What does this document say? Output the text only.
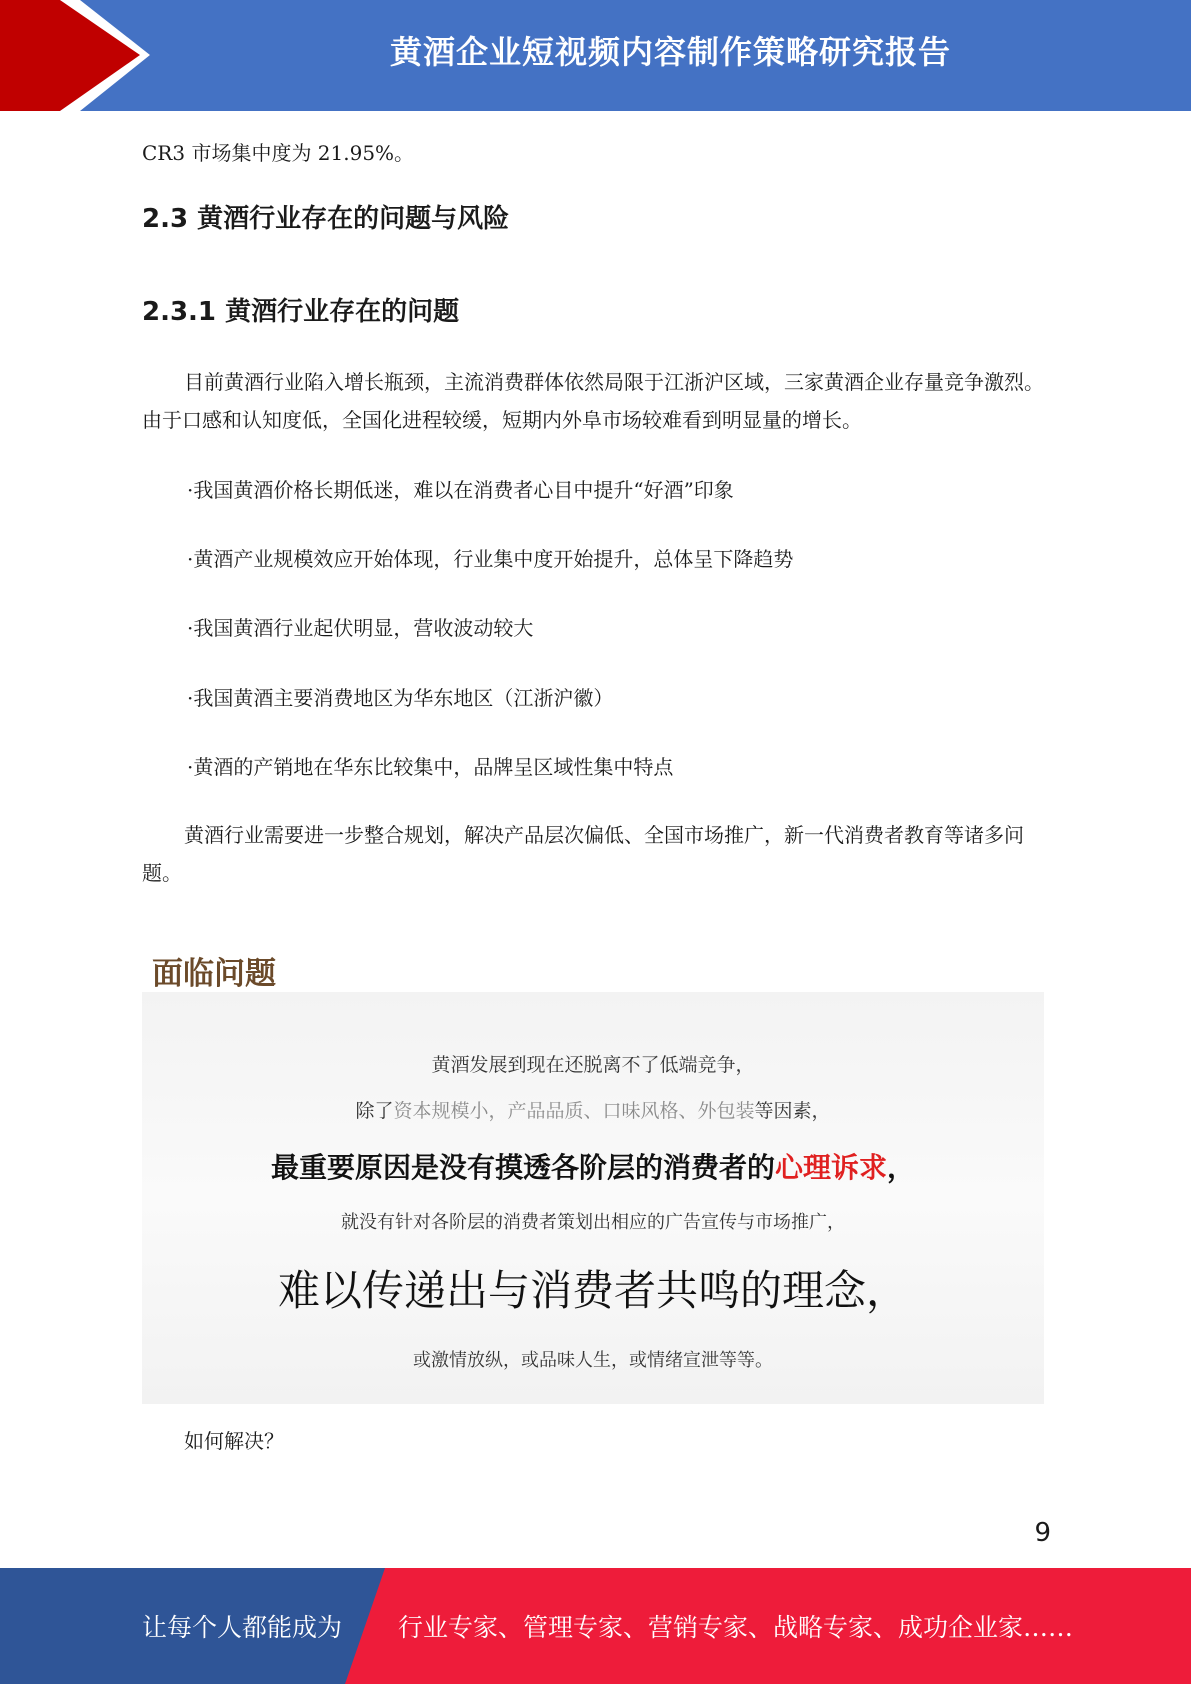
黄酒企业短视频内容制作策略研究报告

CR3 市场集中度为 21.95%。

2.3 黄酒行业存在的问题与风险
2.3.1 黄酒行业存在的问题

目前黄酒行业陷入增长瓶颈，主流消费群体依然局限于江浙沪区域，三家黄酒企业存量竞争激烈。由于口感和认知度低，全国化进程较缓，短期内外阜市场较难看到明显量的增长。

·我国黄酒价格长期低迷，难以在消费者心目中提升“好酒”印象

·黄酒产业规模效应开始体现，行业集中度开始提升，总体呈下降趋势

·我国黄酒行业起伏明显，营收波动较大

·我国黄酒主要消费地区为华东地区（江浙沪徽）

·黄酒的产销地在华东比较集中，品牌呈区域性集中特点

黄酒行业需要进一步整合规划，解决产品层次偏低、全国市场推广，新一代消费者教育等诸多问题。

面临问题
黄酒发展到现在还脱离不了低端竞争，
除了资本规模小，产品品质、口味风格、外包装等因素，
最重要原因是没有摸透各阶层的消费者的心理诉求，
就没有针对各阶层的消费者策划出相应的广告宣传与市场推广，
难以传递出与消费者共鸣的理念，
或激情放纵，或品味人生，或情绪宣泄等等。

如何解决？

9
让每个人都能成为 行业专家、管理专家、营销专家、战略专家、成功企业家……
